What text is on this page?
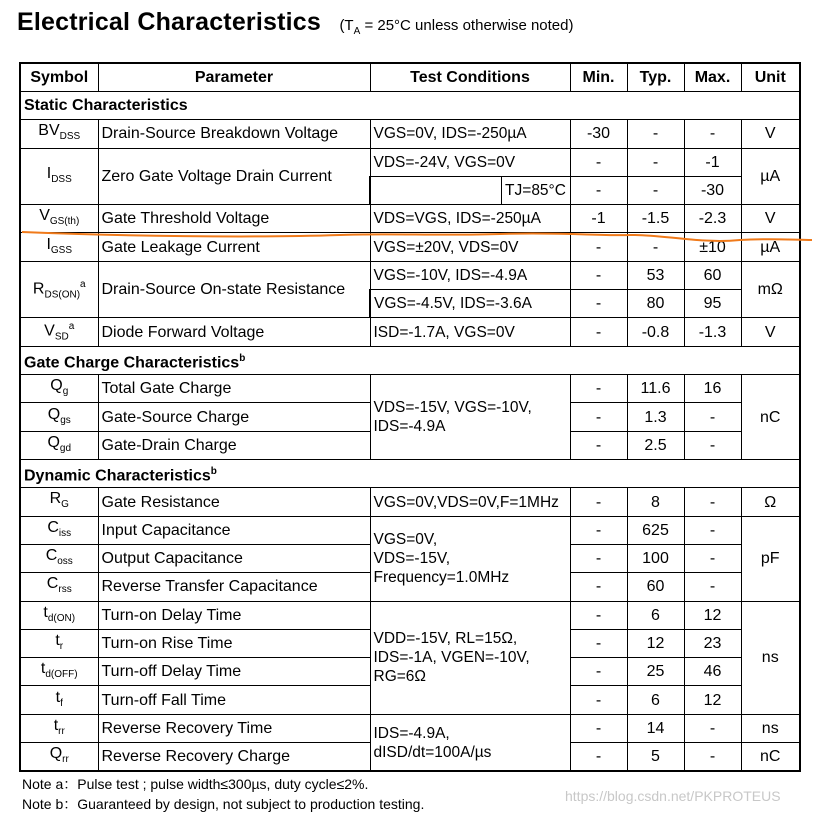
Electrical Characteristics ($T_A = 25^\circ C$ unless otherwise noted)
Symbol	Parameter	Test Conditions	Min.	Typ.	Max.	Unit
Static Characteristics						
$BV_{DSS}$	Drain-Source Breakdown Voltage	VGS=0V, IDS=-250µA	-30	-	-	V
$I_{DSS}$	Zero Gate Voltage Drain Current	VDS=-24V, VGS=0V	-	-	-1	µA

		TJ=85°C	-	-	-30	
$V_{GS(th)}$	Gate Threshold Voltage	VDS=VGS, IDS=-250µA	-1	-1.5	-2.3	V
$I_{GSS}$	Gate Leakage Current	VGS=±20V, VDS=0V	-	-	±10	µA
$R_{DS(ON)}^a$	Drain-Source On-state Resistance	VGS=-10V, IDS=-4.9A	-	53	60	mΩ
		VGS=-4.5V, IDS=-3.6A	-	80	95	
$V_{SD}^a$	Diode Forward Voltage	ISD=-1.7A, VGS=0V	-	-0.8	-1.3	V
Gate Charge Characteristics$^b$
$Q_g$	Total Gate Charge	VDS=-15V, VGS=-10V,
IDS=-4.9A	-	11.6	16	nC
$Q_{gs}$	Gate-Source Charge		-	1.3	-	
$Q_{gd}$	Gate-Drain Charge		-	2.5	-	
Dynamic Characteristics$^b$
$R_G$	Gate Resistance	VGS=0V,VDS=0V,F=1MHz	-	8	-	Ω
$C_{iss}$	Input Capacitance	VGS=0V,
VDS=-15V,
Frequency=1.0MHz	-	625	-	pF
$C_{oss}$	Output Capacitance		-	100	-	
$C_{rss}$	Reverse Transfer Capacitance		-	60	-	
$t_{d(ON)}$	Turn-on Delay Time	VDD=-15V, RL=15Ω,
IDS=-1A, VGEN=-10V,
RG=6Ω	-	6	12	ns
$t_r$	Turn-on Rise Time		-	12	23	
$t_{d(OFF)}$	Turn-off Delay Time		-	25	46	
$t_f$	Turn-off Fall Time		-	6	12	
$t_{rr}$	Reverse Recovery Time	IDS=-4.9A,
dISD/dt=100A/µs	-	14	-	ns
$Q_{rr}$	Reverse Recovery Charge		-	5	-	nC
Note a：Pulse test ; pulse width≤300µs, duty cycle≤2%.
Note b：Guaranteed by design, not subject to production testing.	https://blog.csdn.net/PKPROTEUS
